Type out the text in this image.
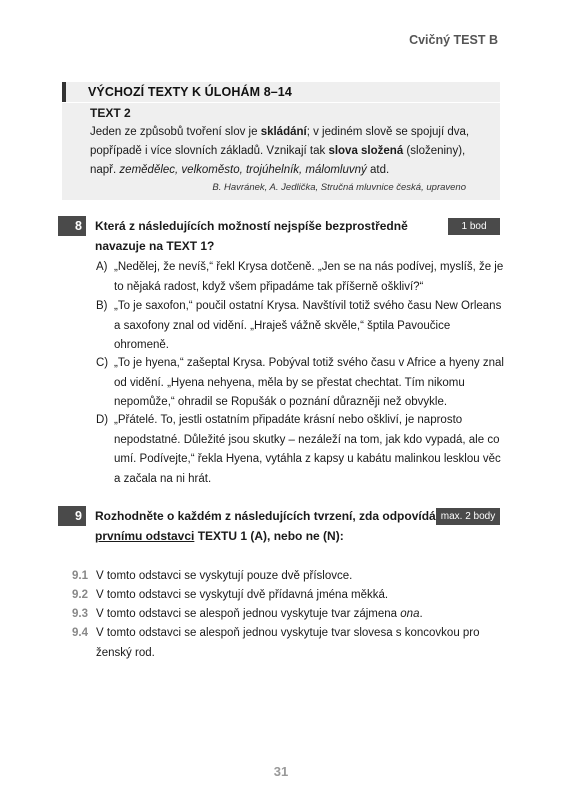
Cvičný TEST B
VÝCHOZÍ TEXTY K ÚLOHÁM 8–14
TEXT 2
Jeden ze způsobů tvoření slov je skládání; v jediném slově se spojují dva, popřípadě i více slovních základů. Vznikají tak slova složená (složeniny), např. zemědělec, velkoměsto, trojúhelník, málomluvný atd.
B. Havránek, A. Jedlička, Stručná mluvnice česká, upraveno
8	Která z následujících možností nejspíše bezprostředně
navazuje na TEXT 1?
1 bod
A) „Nedělej, že nevíš,“ řekl Krysa dotčeně. „Jen se na nás podívej, myslíš, že je to nějaká radost, když všem připadáme tak příšerně oškliví?“
B) „To je saxofon,“ poučil ostatní Krysa. Navštívil totiž svého času New Orleans a saxofony znal od vidění. „Hraješ vážně skvěle,“ šptila Pavoučice ohromeně.
C) „To je hyena,“ zašeptal Krysa. Pobýval totiž svého času v Africe a hyeny znal od vidění. „Hyena nehyena, měla by se přestat chechtat. Tím nikomu nepomůže,“ ohradil se Ropušák o poznání důrazněji než obvykle.
D) „Přátelé. To, jestli ostatním připadáte krásní nebo oškliví, je naprosto nepodstatné. Důležité jsou skutky – nezáleží na tom, jak kdo vypadá, ale co umí. Podívejte,“ řekla Hyena, vytáhla z kapsy u kabátu malinkou lesklou věc a začala na ni hrát.
9	Rozhodněte o každém z následujících tvrzení, zda odpovídá
prvnímu odstavci TEXTU 1 (A), nebo ne (N):
max. 2 body
9.1 V tomto odstavci se vyskytují pouze dvě příslovce.
9.2 V tomto odstavci se vyskytují dvě přídavná jména měkká.
9.3 V tomto odstavci se alespoň jednou vyskytuje tvar zájmena ona.
9.4 V tomto odstavci se alespoň jednou vyskytuje tvar slovesa s koncovkou pro ženský rod.
31
